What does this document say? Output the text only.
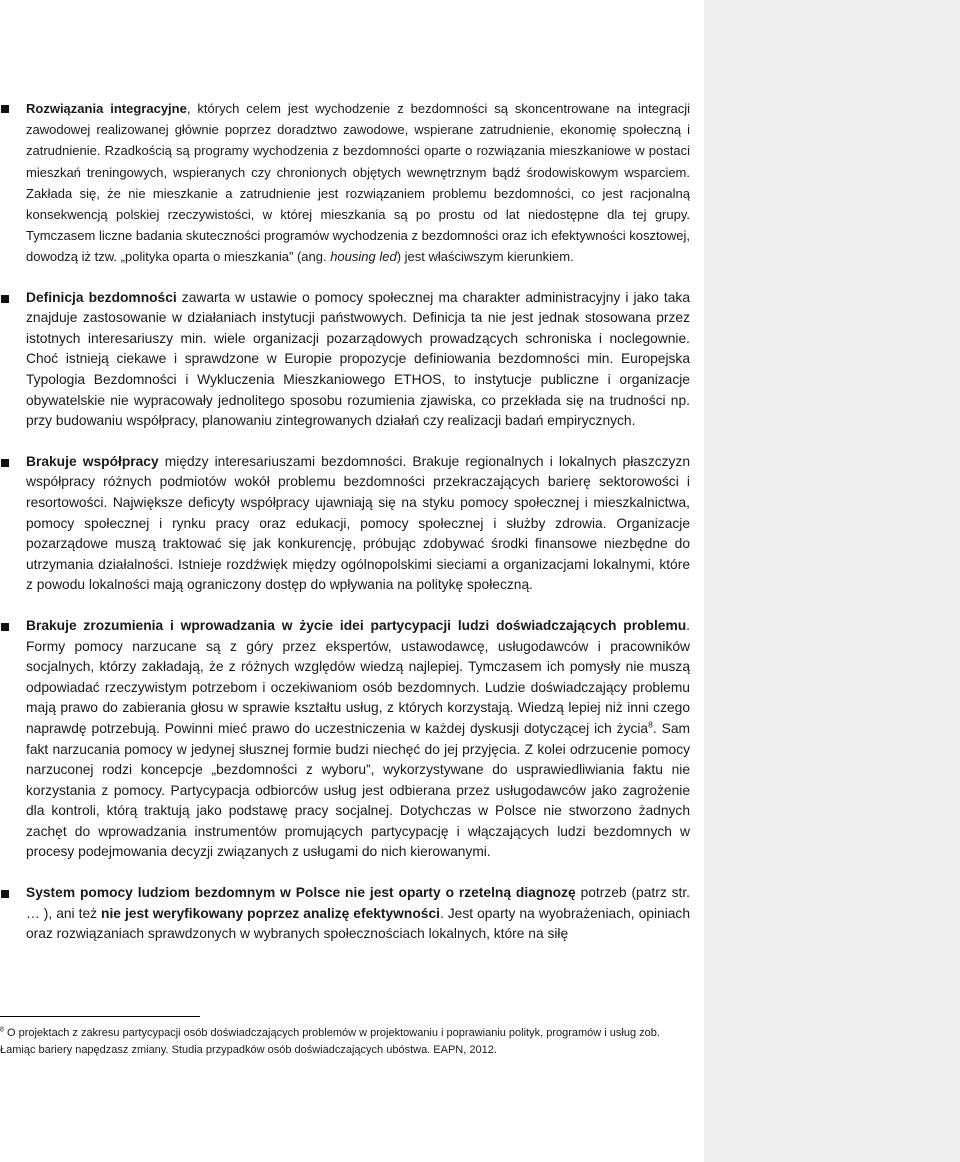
Rozwiązania integracyjne, których celem jest wychodzenie z bezdomności są skoncentrowane na integracji zawodowej realizowanej głównie poprzez doradztwo zawodowe, wspierane zatrudnienie, ekonomię społeczną i zatrudnienie. Rzadkością są programy wychodzenia z bezdomności oparte o rozwiązania mieszkaniowe w postaci mieszkań treningowych, wspieranych czy chronionych objętych wewnętrznym bądź środowiskowym wsparciem. Zakłada się, że nie mieszkanie a zatrudnienie jest rozwiązaniem problemu bezdomności, co jest racjonalną konsekwencją polskiej rzeczywistości, w której mieszkania są po prostu od lat niedostępne dla tej grupy. Tymczasem liczne badania skuteczności programów wychodzenia z bezdomności oraz ich efektywności kosztowej, dowodzą iż tzw. „polityka oparta o mieszkania” (ang. housing led) jest właściwszym kierunkiem.
Definicja bezdomności zawarta w ustawie o pomocy społecznej ma charakter administracyjny i jako taka znajduje zastosowanie w działaniach instytucji państwowych. Definicja ta nie jest jednak stosowana przez istotnych interesariuszy min. wiele organizacji pozarządowych prowadzących schroniska i noclegownie. Choć istnieją ciekawe i sprawdzone w Europie propozycje definiowania bezdomności min. Europejska Typologia Bezdomności i Wykluczenia Mieszkaniowego ETHOS, to instytucje publiczne i organizacje obywatelskie nie wypracowały jednolitego sposobu rozumienia zjawiska, co przekłada się na trudności np. przy budowaniu współpracy, planowaniu zintegrowanych działań czy realizacji badań empirycznych.
Brakuje współpracy między interesariuszami bezdomności. Brakuje regionalnych i lokalnych płaszczyzn współpracy różnych podmiotów wokół problemu bezdomności przekraczających barierę sektorowości i resortowości. Największe deficyty współpracy ujawniają się na styku pomocy społecznej i mieszkalnictwa, pomocy społecznej i rynku pracy oraz edukacji, pomocy społecznej i służby zdrowia. Organizacje pozarządowe muszą traktować się jak konkurencję, próbując zdobywać środki finansowe niezbędne do utrzymania działalności. Istnieje rozdźwięk między ogólnopolskimi sieciami a organizacjami lokalnymi, które z powodu lokalności mają ograniczony dostęp do wpływania na politykę społeczną.
Brakuje zrozumienia i wprowadzania w życie idei partycypacji ludzi doświadczających problemu. Formy pomocy narzucane są z góry przez ekspertów, ustawodawcę, usługodawców i pracowników socjalnych, którzy zakładają, że z różnych względów wiedzą najlepiej. Tymczasem ich pomysły nie muszą odpowiadać rzeczywistym potrzebom i oczekiwaniom osób bezdomnych. Ludzie doświadczający problemu mają prawo do zabierania głosu w sprawie kształtu usług, z których korzystają. Wiedzą lepiej niż inni czego naprawdę potrzebują. Powinni mieć prawo do uczestniczenia w każdej dyskusji dotyczącej ich życia$^8$. Sam fakt narzucania pomocy w jedynej słusznej formie budzi niechęć do jej przyjęcia. Z kolei odrzucenie pomocy narzuconej rodzi koncepcje „bezdomności z wyboru”, wykorzystywane do usprawiedliwiania faktu nie korzystania z pomocy. Partycypacja odbiorców usług jest odbierana przez usługodawców jako zagrożenie dla kontroli, którą traktują jako podstawę pracy socjalnej. Dotychczas w Polsce nie stworzono żadnych zachęt do wprowadzania instrumentów promujących partycypację i włączających ludzi bezdomnych w procesy podejmowania decyzji związanych z usługami do nich kierowanymi.
System pomocy ludziom bezdomnym w Polsce nie jest oparty o rzetelną diagnozę potrzeb (patrz str. … ), ani też nie jest weryfikowany poprzez analizę efektywności. Jest oparty na wyobrażeniach, opiniach oraz rozwiązaniach sprawdzonych w wybranych społecznościach lokalnych, które na siłę
$^8$ O projektach z zakresu partycypacji osób doświadczających problemów w projektowaniu i poprawianiu polityk, programów i usług zob. Łamiąc bariery napędzasz zmiany. Studia przypadków osób doświadczających ubóstwa. EAPN, 2012.
